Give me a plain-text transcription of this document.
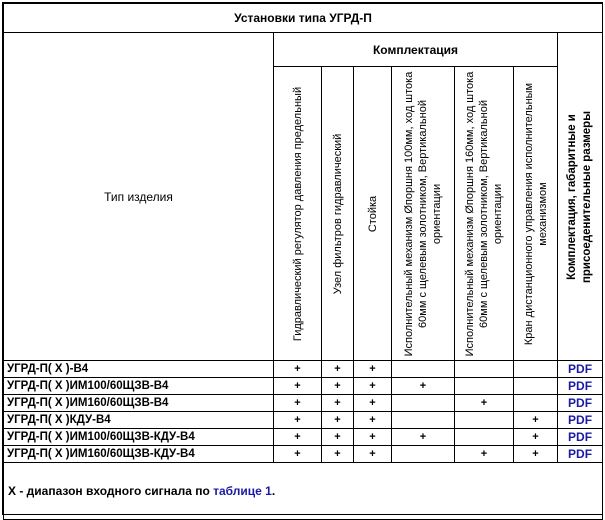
Установки типа УГРД-П							
Тип изделия	Комплектация						Комплектация, габаритные и присоеденительные размеры

	Гидравлический регулятор давления предельный	Узел фильтров гидравлический	Стойка	Исполнительный механизм Øпоршня 100мм, ход штока 60мм с щелевым золотником, Вертикальной ориентации	Исполнительный механизм Øпоршня 160мм, ход штока 60мм с щелевым золотником, Вертикальной ориентации	Кран дистанционного управления исполнительным механизмом	

УГРД-П( Х )-В4	+	+	+				PDF
УГРД-П( Х )ИМ100/60ЩЗВ-В4	+	+	+	+			PDF
УГРД-П( Х )ИМ160/60ЩЗВ-В4	+	+	+		+		PDF
УГРД-П( Х )КДУ-В4	+	+	+			+	PDF
УГРД-П( Х )ИМ100/60ЩЗВ-КДУ-В4	+	+	+	+		+	PDF
УГРД-П( Х )ИМ160/60ЩЗВ-КДУ-В4	+	+	+		+	+	PDF
Х - диапазон входного сигнала по таблице 1.							
